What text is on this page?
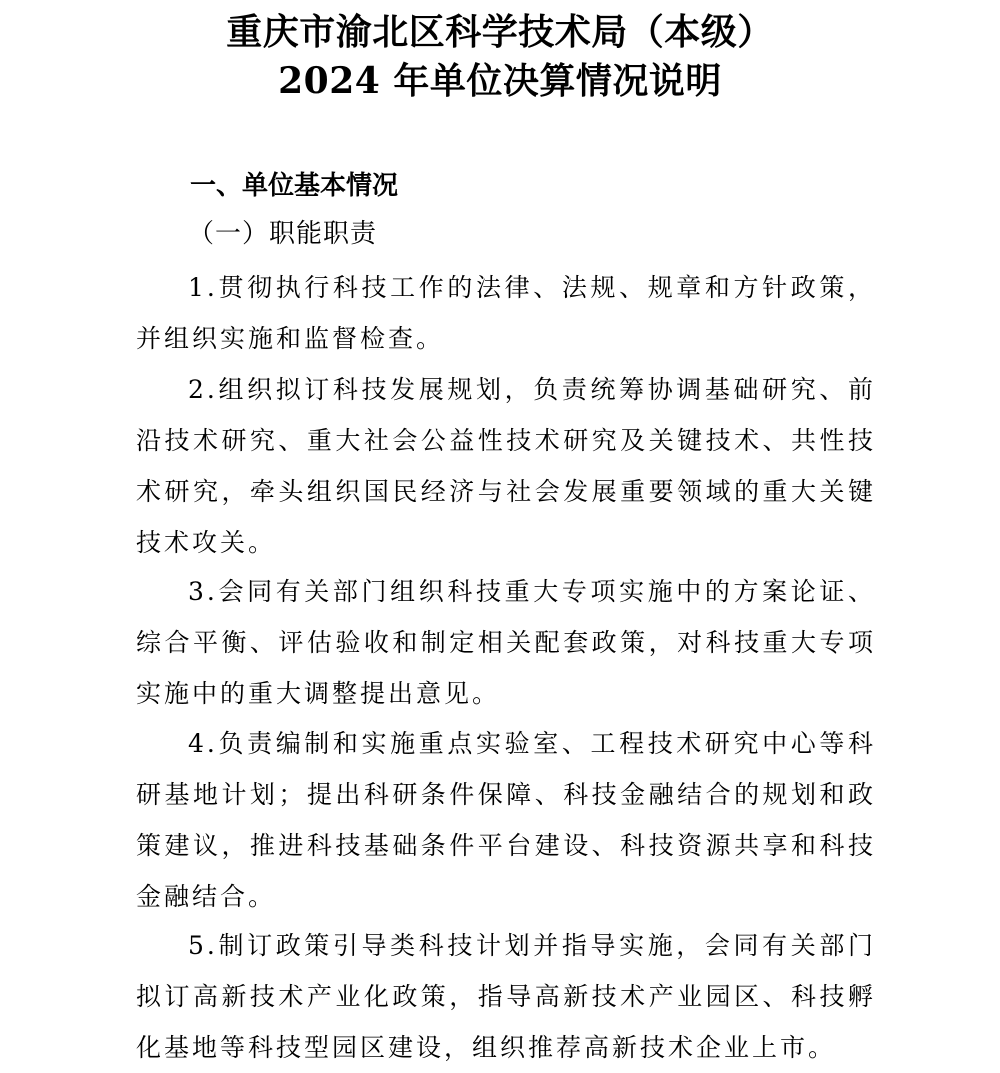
重庆市渝北区科学技术局（本级）
2024 年单位决算情况说明
一、单位基本情况
（一）职能职责

1.贯彻执行科技工作的法律、法规、规章和方针政策，并组织实施和监督检查。

2.组织拟订科技发展规划，负责统筹协调基础研究、前沿技术研究、重大社会公益性技术研究及关键技术、共性技术研究，牵头组织国民经济与社会发展重要领域的重大关键技术攻关。

3.会同有关部门组织科技重大专项实施中的方案论证、综合平衡、评估验收和制定相关配套政策，对科技重大专项实施中的重大调整提出意见。

4.负责编制和实施重点实验室、工程技术研究中心等科研基地计划；提出科研条件保障、科技金融结合的规划和政策建议，推进科技基础条件平台建设、科技资源共享和科技金融结合。

5.制订政策引导类科技计划并指导实施，会同有关部门拟订高新技术产业化政策，指导高新技术产业园区、科技孵化基地等科技型园区建设，组织推荐高新技术企业上市。
